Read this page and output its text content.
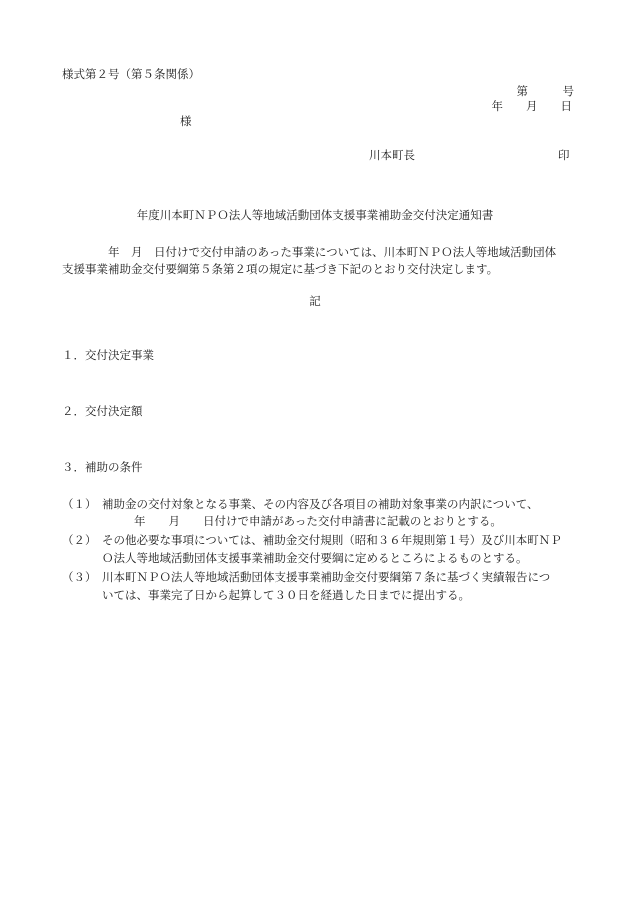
様式第２号（第５条関係）
第　　　号
年　　月　　日
様
川本町長	印
年度川本町ＮＰＯ法人等地域活動団体支援事業補助金交付決定通知書
年　月　日付けで交付申請のあった事業については、川本町ＮＰＯ法人等地域活動団体
支援事業補助金交付要綱第５条第２項の規定に基づき下記のとおり交付決定します。
記
１．交付決定事業
２．交付決定額
３．補助の条件
（１） 補助金の交付対象となる事業、その内容及び各項目の補助対象事業の内訳について、
年　　月　　日付けで申請があった交付申請書に記載のとおりとする。
（２） その他必要な事項については、補助金交付規則（昭和３６年規則第１号）及び川本町ＮＰ
Ｏ法人等地域活動団体支援事業補助金交付要綱に定めるところによるものとする。
（３） 川本町ＮＰＯ法人等地域活動団体支援事業補助金交付要綱第７条に基づく実績報告につ
いては、事業完了日から起算して３０日を経過した日までに提出する。
